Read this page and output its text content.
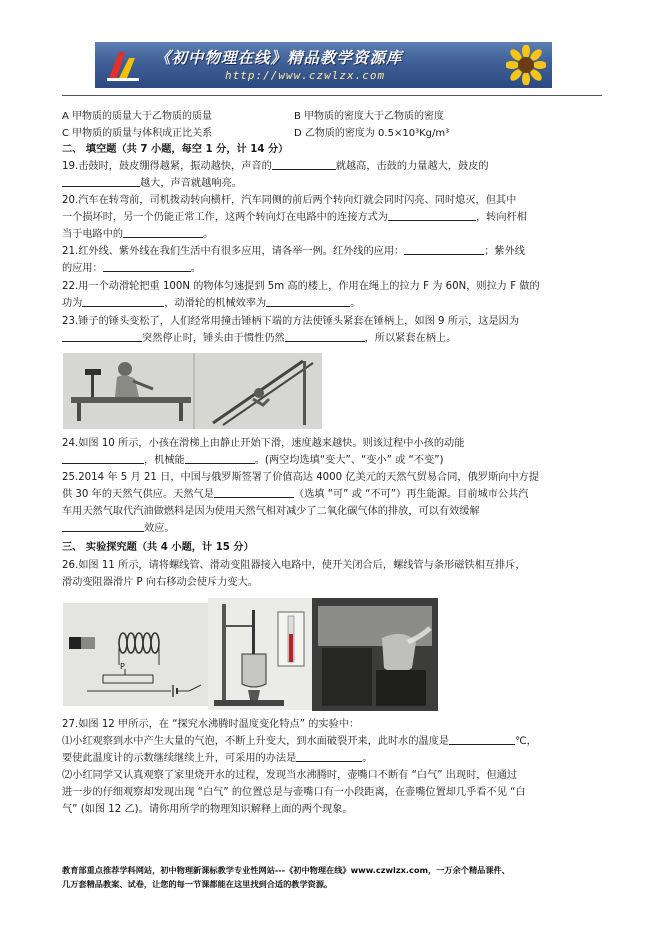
《初中物理在线》精品教学资源库
http://www.czwlzx.com
A 甲物质的质量大于乙物质的质量	B 甲物质的密度大于乙物质的密度
C 甲物质的质量与体积成正比关系	D 乙物质的密度为 0.5×10³Kg/m³
二、 填空题（共 7 小题，每空 1 分，计 14 分）
19.击鼓时，鼓皮绷得越紧，振动越快，声音的	就越高，击鼓的力量越大，鼓皮的
越大，声音就越响亮。
20.汽车在转弯前，司机拨动转向横杆，汽车同侧的前后两个转向灯就会同时闪亮、同时熄灭，但其中
一个损坏时，另一个仍能正常工作，这两个转向灯在电路中的连接方式为	，转向杆相
当于电路中的	。
21.红外线、紫外线在我们生活中有很多应用，请各举一例。红外线的应用：	；紫外线
的应用：	。
22.用一个动滑轮把重 100N 的物体匀速提到 5m 高的楼上，作用在绳上的拉力 F 为 60N，则拉力 F 做的
功为	，动滑轮的机械效率为	。
23.锤子的锤头变松了，人们经常用撞击锤柄下端的方法使锤头紧套在锤柄上，如图 9 所示，这是因为
突然停止时，锤头由于惯性仍然	，所以紧套在柄上。
24.如图 10 所示，小孩在滑梯上由静止开始下滑，速度越来越快。则该过程中小孩的动能
，机械能	。(两空均选填“变大”、“变小” 或 “不变”)
25.2014 年 5 月 21 日，中国与俄罗斯签署了价值高达 4000 亿美元的天然气贸易合同，俄罗斯向中方提
供 30 年的天然气供应。天然气是	（选填 “可” 或 “不可”）再生能源。目前城市公共汽
车用天然气取代汽油做燃料是因为使用天然气相对减少了二氧化碳气体的排放，可以有效缓解
效应。
三、 实验探究题（共 4 小题，计 15 分）
26.如图 11 所示，请将螺线管、滑动变阻器接入电路中，使开关闭合后，螺线管与条形磁铁相互排斥，
滑动变阻器滑片 P 向右移动会使斥力变大。
P
27.如图 12 甲所示，在 “探究水沸腾时温度变化特点” 的实验中：
⑴小红观察到水中产生大量的气泡，不断上升变大，到水面破裂开来，此时水的温度是	℃，
要使此温度计的示数继续继续上升，可采用的办法是	。
⑵小红同学又认真观察了家里烧开水的过程，发现当水沸腾时，壶嘴口不断有 “白气” 出现时，但通过
进一步的仔细观察却发现出现 “白气” 的位置总是与壶嘴口有一小段距离，在壶嘴位置却几乎看不见 “白
气” (如图 12 乙)。请你用所学的物理知识解释上面的两个现象。
教育部重点推荐学科网站，初中物理新课标教学专业性网站---《初中物理在线》www.czwlzx.com，一万余个精品课件、
几万套精品教案、试卷，让您的每一节课都能在这里找到合适的教学资源。
